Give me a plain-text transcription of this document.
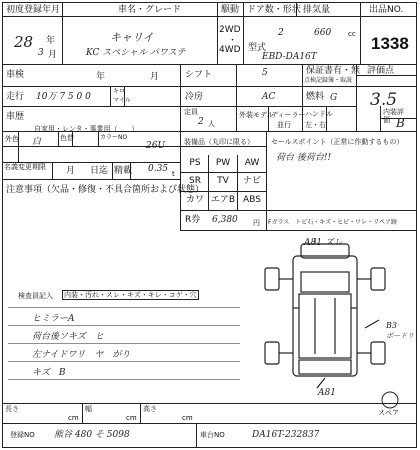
初度登録年月	車名・グレード	駆動 ドア数・形状 排気量	出品NO.
1338
28 年
3 月
キャリイ
KC スペシャル パワステ
2WD
・
4WD
2	660 cc
型式
EBD-DA16T
車検	年	月	シフト	5	保証書
点検記録簿・取説
有・無 評価点
3.5
走行 10万 7 5 0 0
キロ
マイル	冷房	AC	燃料 G
車歴
自家用・レンタ・事業用（　　）
定員
2 人
外装モデル
ディーラー
並行
ハンドル
左・右
内装評価 B
外色 白	色替	カラーNO
26U
名義変更期限 月 日迄 精載 0.35 t
注意事項（欠品・修復・不具合箇所および状態）
装備品（丸印に限る）
PS	PW	AW
SR	TV	ナビ
カワ エアB ABS
R券 6,380 円
セールスポイント（正常に作動するもの）
荷台 後荷台!!
Fガラス　トビ石・キズ・ヒビ・ワレ・リペア跡
A81 ズレ
B3
ボードリ
A81
スペア
検査員記入 内装・汚れ・スレ・キズ・キレ・コゲ・穴
ヒミラーA
荷台後ソキズ　ヒ
左ナイドワリ　ヤ　がり
キズ　B
長さ
cm
幅
cm
高さ
cm
登録NO 熊谷 480 そ 5098	車台NO	DA16T-232837
